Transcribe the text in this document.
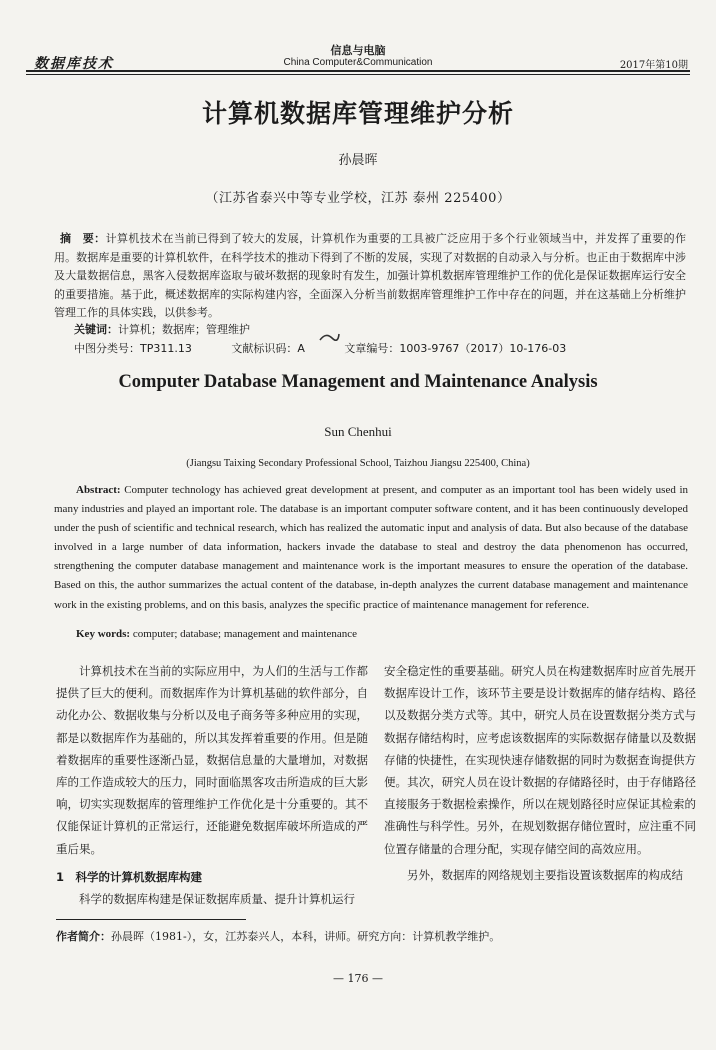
数据库技术
信息与电脑
China Computer&Communication	2017年第10期
计算机数据库管理维护分析
孙晨晖
（江苏省泰兴中等专业学校，江苏 泰州 225400）
摘　要：计算机技术在当前已得到了较大的发展，计算机作为重要的工具被广泛应用于多个行业领域当中，并发挥了重要的作用。数据库是重要的计算机软件，在科学技术的推动下得到了不断的发展，实现了对数据的自动录入与分析。也正由于数据库中涉及大量数据信息，黑客入侵数据库盗取与破坏数据的现象时有发生，加强计算机数据库管理维护工作的优化是保证数据库运行安全的重要措施。基于此，概述数据库的实际构建内容，全面深入分析当前数据库管理维护工作中存在的问题，并在这基础上分析维护管理工作的具体实践，以供参考。
关键词：计算机；数据库；管理维护
中图分类号：TP311.13	文献标识码：A	文章编号：1003-9767（2017）10-176-03
Computer Database Management and Maintenance Analysis
Sun Chenhui
(Jiangsu Taixing Secondary Professional School, Taizhou Jiangsu 225400, China)
Abstract: Computer technology has achieved great development at present, and computer as an important tool has been widely used in many industries and played an important role. The database is an important computer software content, and it has been continuously developed under the push of scientific and technical research, which has realized the automatic input and analysis of data. But also because of the database involved in a large number of data information, hackers invade the database to steal and destroy the data phenomenon has occurred, strengthening the computer database management and maintenance work is the important measures to ensure the operation of the database. Based on this, the author summarizes the actual content of the database, in-depth analyzes the current database management and maintenance work in the existing problems, and on this basis, analyzes the specific practice of maintenance management for reference.
Key words: computer; database; management and maintenance

计算机技术在当前的实际应用中，为人们的生活与工作都提供了巨大的便利。而数据库作为计算机基础的软件部分，自动化办公、数据收集与分析以及电子商务等多种应用的实现，都是以数据库作为基础的，所以其发挥着重要的作用。但是随着数据库的重要性逐渐凸显，数据信息量的大量增加，对数据库的工作造成较大的压力，同时面临黑客攻击所造成的巨大影响，切实实现数据库的管理维护工作优化是十分重要的。其不仅能保证计算机的正常运行，还能避免数据库破坏所造成的严重后果。

1　科学的计算机数据库构建

科学的数据库构建是保证数据库质量、提升计算机运行

安全稳定性的重要基础。研究人员在构建数据库时应首先展开数据库设计工作，该环节主要是设计数据库的储存结构、路径以及数据分类方式等。其中，研究人员在设置数据分类方式与数据存储结构时，应考虑该数据库的实际数据存储量以及数据存储的快捷性，在实现快速存储数据的同时为数据查询提供方便。其次，研究人员在设计数据的存储路径时，由于存储路径直接服务于数据检索操作，所以在规划路径时应保证其检索的准确性与科学性。另外，在规划数据存储位置时，应注重不同位置存储量的合理分配，实现存储空间的高效应用。

另外，数据库的网络规划主要指设置该数据库的构成结

作者简介：孙晨晖（1981-），女，江苏泰兴人，本科，讲师。研究方向：计算机教学维护。
— 176 —
